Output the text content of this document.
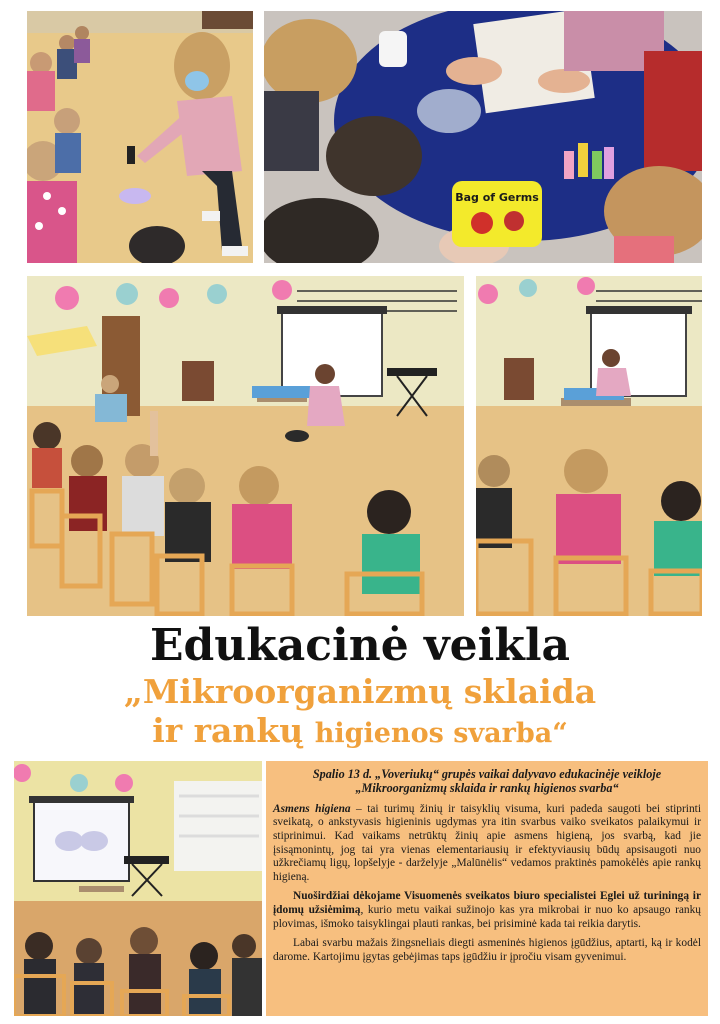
Bag of Germs
Edukacinė veikla
„Mikroorganizmų sklaida
ir rankų higienos svarba“
Spalio 13 d. „Voveriukų“ grupės vaikai dalyvavo edukacinėje veikloje „Mikroorganizmų sklaida ir rankų higienos svarba“

Asmens higiena – tai turimų žinių ir taisyklių visuma, kuri padeda saugoti bei stiprinti sveikatą, o ankstyvasis higieninis ugdymas yra itin svarbus vaiko sveikatos palaikymui ir stiprinimui. Kad vaikams netrūktų žinių apie asmens higieną, jos svarbą, kad jie įsisąmonintų, jog tai yra vienas elementariausių ir efektyviausių būdų apsisaugoti nuo užkrečiamų ligų, lopšelyje - darželyje „Malūnėlis“ vedamos praktinės pamokėlės apie rankų higieną.

Nuoširdžiai dėkojame Visuomenės sveikatos biuro specialistei Eglei už turiningą ir įdomų užsiėmimą, kurio metu vaikai sužinojo kas yra mikrobai ir nuo ko apsaugo rankų plovimas, išmoko taisyklingai plauti rankas, bei prisiminė kada tai reikia darytis.

Labai svarbu mažais žingsneliais diegti asmeninės higienos įgūdžius, aptarti, ką ir kodėl darome. Kartojimu įgytas gebėjimas taps įgūdžiu ir įpročiu visam gyvenimui.
